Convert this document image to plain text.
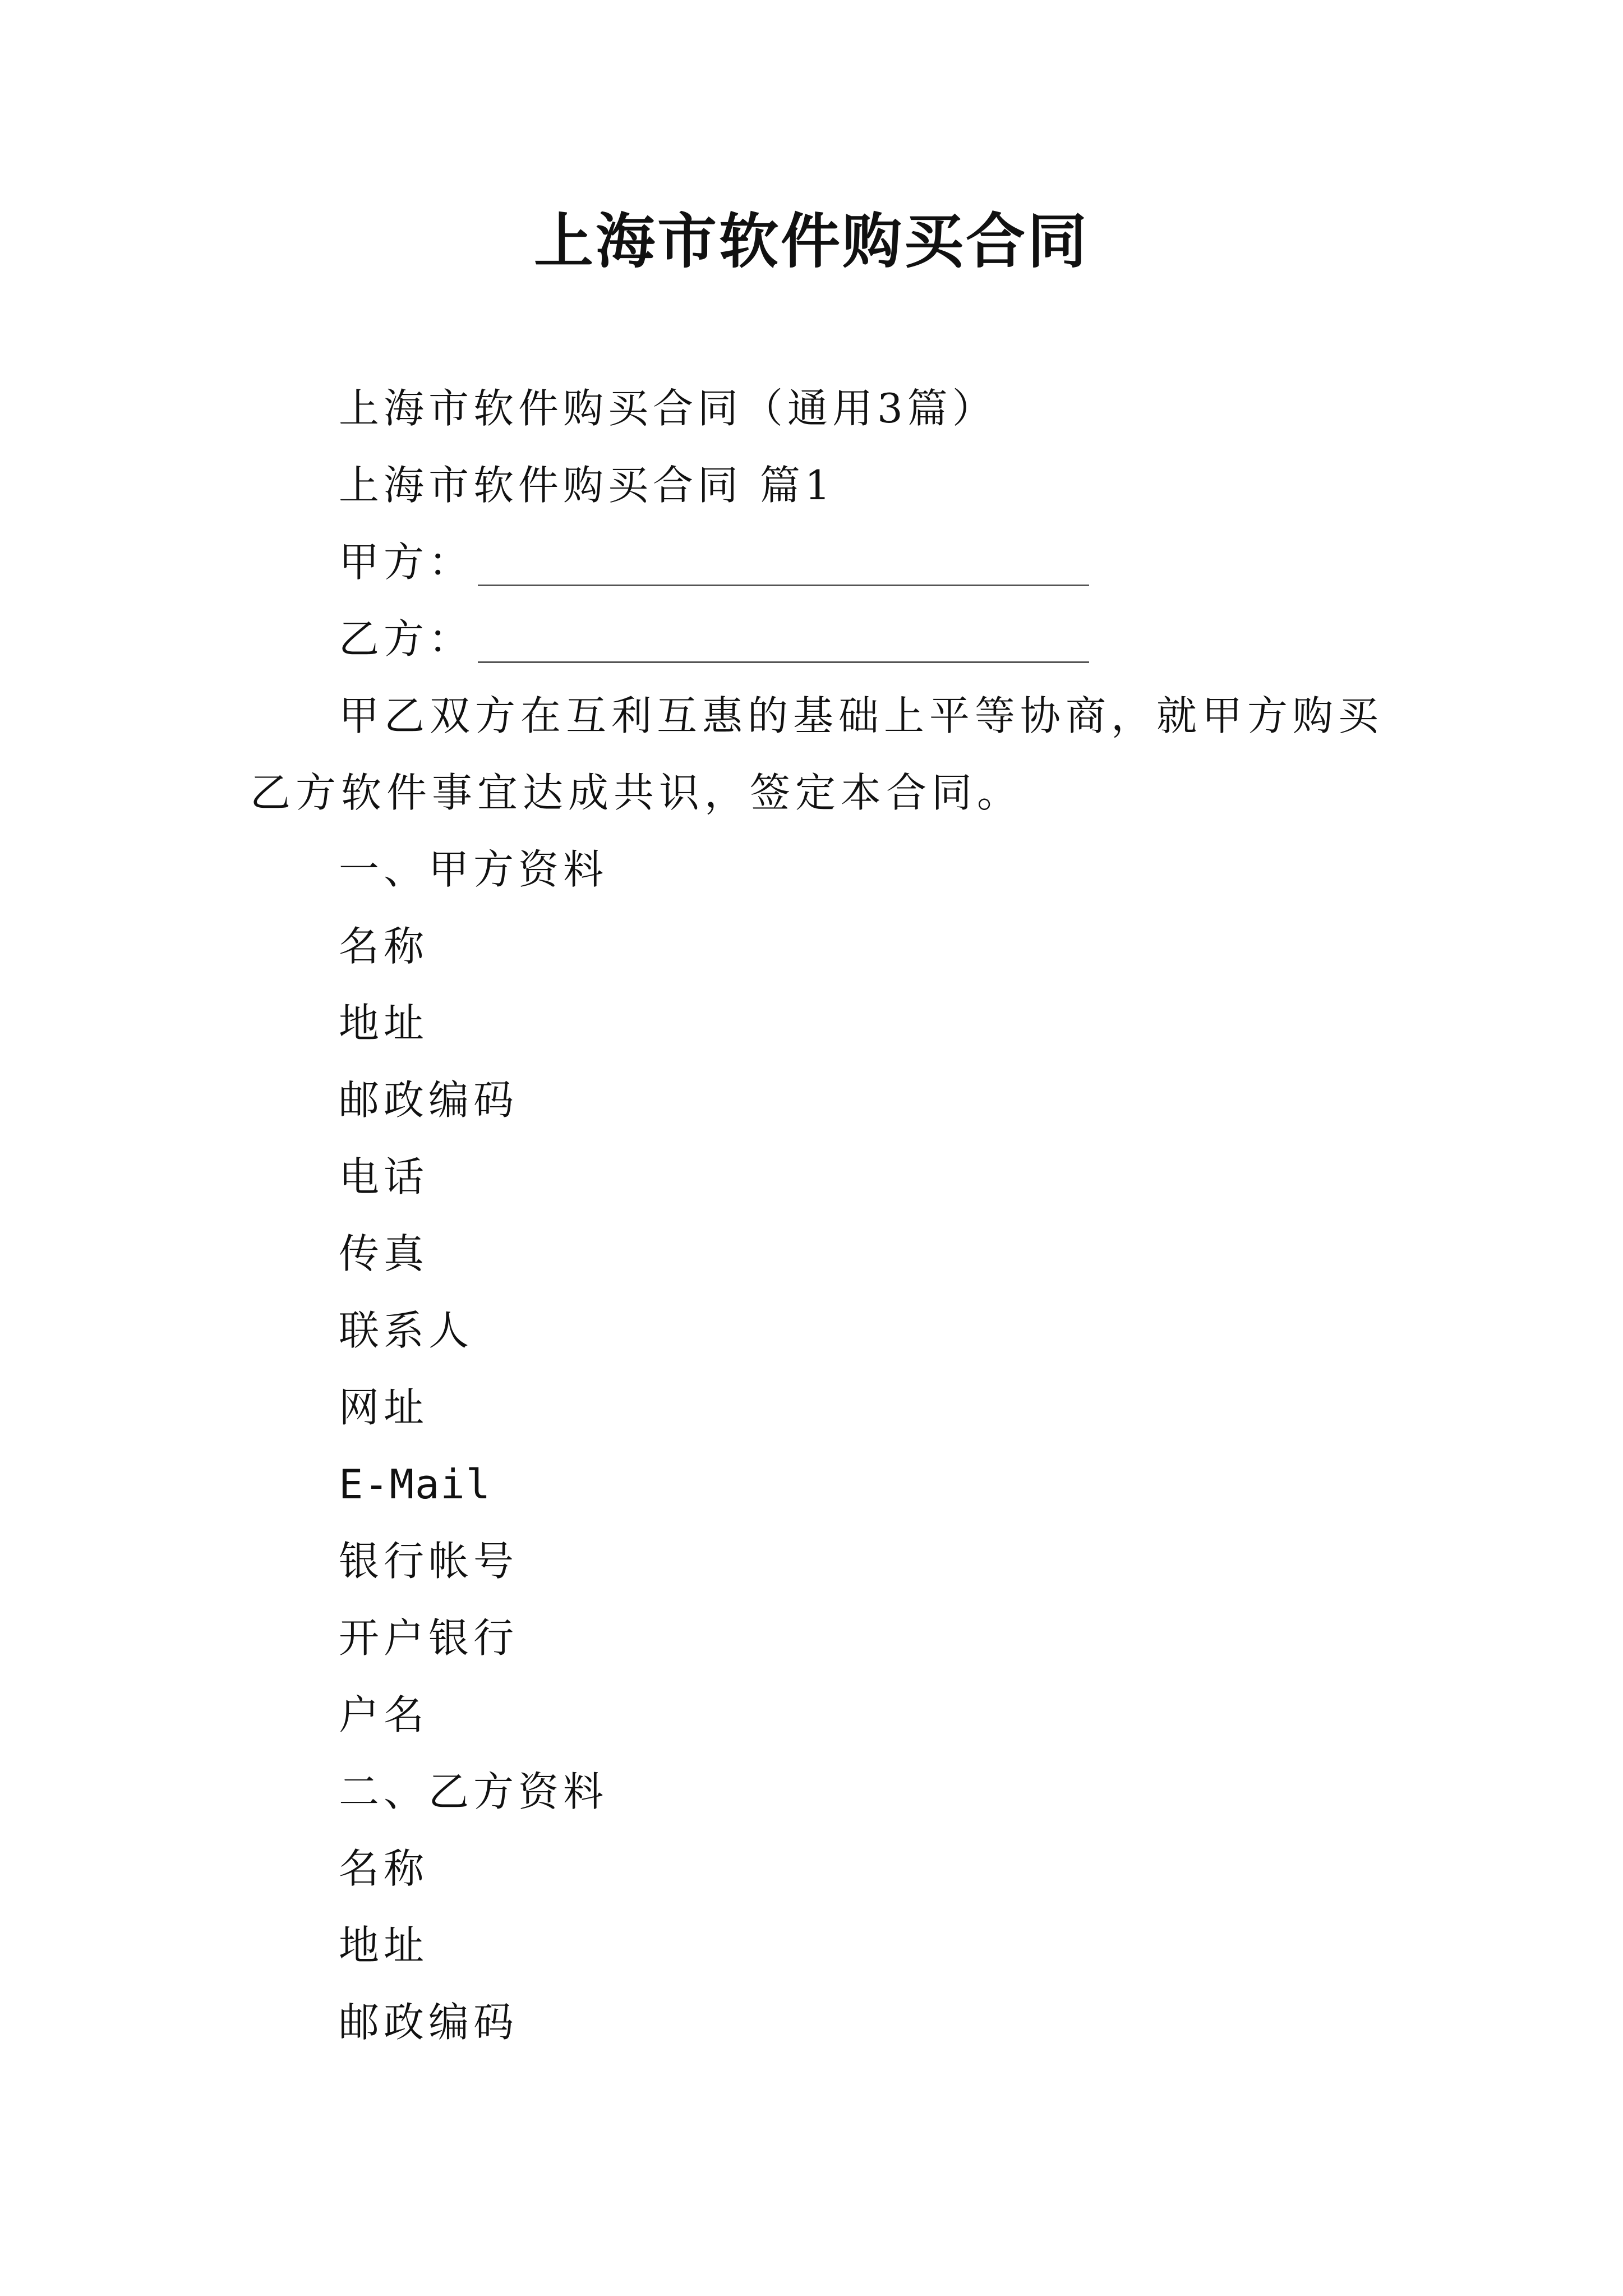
上海市软件购买合同
上海市软件购买合同（通用3篇）
上海市软件购买合同 篇1
甲方：
乙方：
甲乙双方在互利互惠的基础上平等协商，就甲方购买乙方软件事宜达成共识，签定本合同。
一、甲方资料
名称
地址
邮政编码
电话
传真
联系人
网址
E-Mail
银行帐号
开户银行
户名
二、乙方资料
名称
地址
邮政编码
